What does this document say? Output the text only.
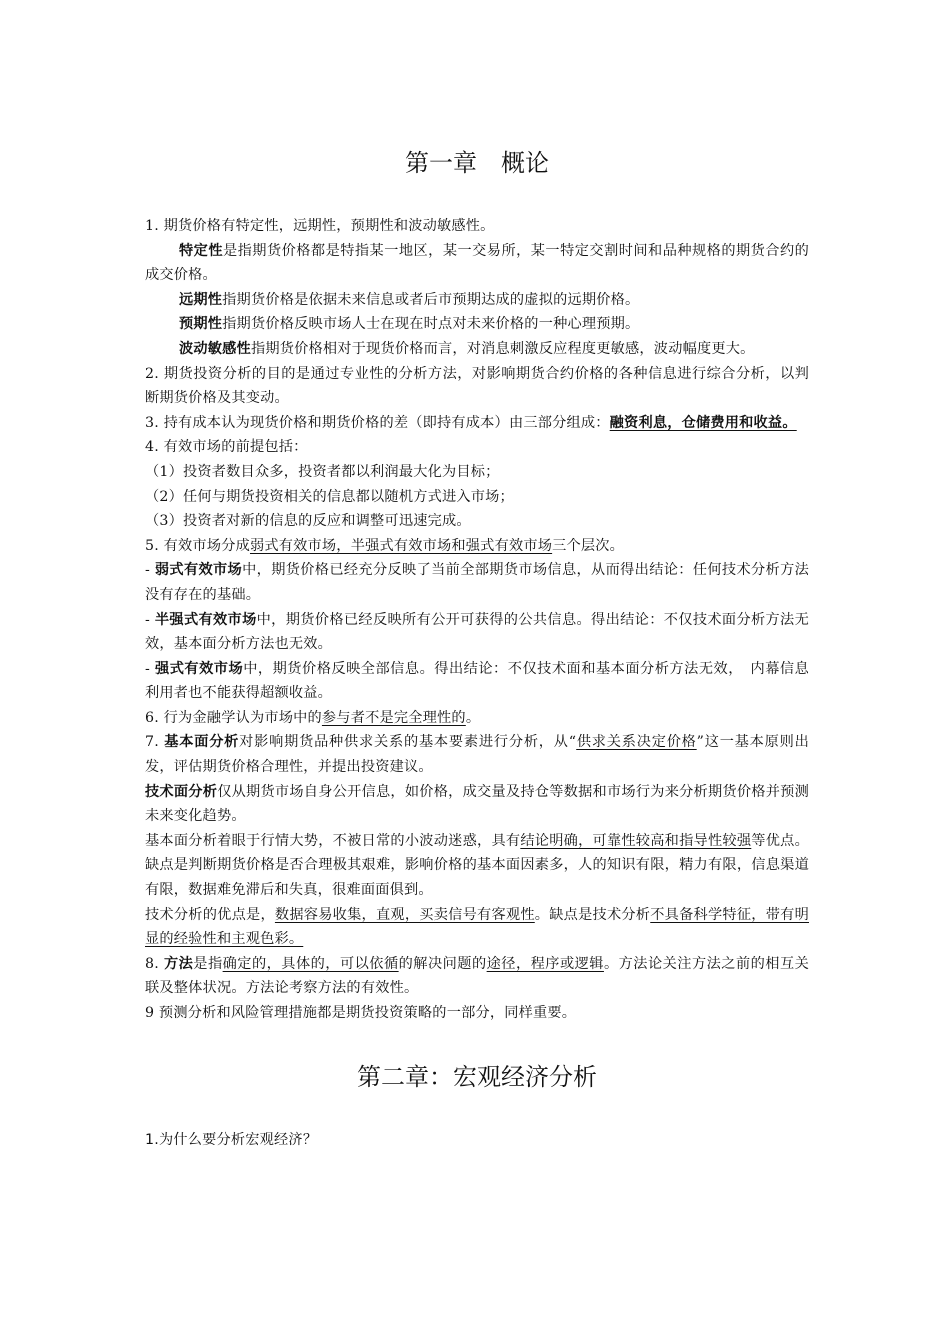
第一章　概论

1. 期货价格有特定性，远期性，预期性和波动敏感性。

特定性是指期货价格都是特指某一地区，某一交易所，某一特定交割时间和品种规格的期货合约的成交价格。

远期性指期货价格是依据未来信息或者后市预期达成的虚拟的远期价格。

预期性指期货价格反映市场人士在现在时点对未来价格的一种心理预期。

波动敏感性指期货价格相对于现货价格而言，对消息刺激反应程度更敏感，波动幅度更大。

2. 期货投资分析的目的是通过专业性的分析方法，对影响期货合约价格的各种信息进行综合分析，以判断期货价格及其变动。

3. 持有成本认为现货价格和期货价格的差（即持有成本）由三部分组成：融资利息，仓储费用和收益。

4. 有效市场的前提包括：

（1）投资者数目众多，投资者都以利润最大化为目标；

（2）任何与期货投资相关的信息都以随机方式进入市场；

（3）投资者对新的信息的反应和调整可迅速完成。

5. 有效市场分成弱式有效市场，半强式有效市场和强式有效市场三个层次。

- 弱式有效市场中，期货价格已经充分反映了当前全部期货市场信息，从而得出结论：任何技术分析方法没有存在的基础。

- 半强式有效市场中，期货价格已经反映所有公开可获得的公共信息。得出结论：不仅技术面分析方法无效，基本面分析方法也无效。

- 强式有效市场中，期货价格反映全部信息。得出结论：不仅技术面和基本面分析方法无效，　内幕信息利用者也不能获得超额收益。

6. 行为金融学认为市场中的参与者不是完全理性的。

7. 基本面分析对影响期货品种供求关系的基本要素进行分析，从“供求关系决定价格”这一基本原则出发，评估期货价格合理性，并提出投资建议。

技术面分析仅从期货市场自身公开信息，如价格，成交量及持仓等数据和市场行为来分析期货价格并预测未来变化趋势。

基本面分析着眼于行情大势，不被日常的小波动迷惑，具有结论明确，可靠性较高和指导性较强等优点。缺点是判断期货价格是否合理极其艰难，影响价格的基本面因素多，人的知识有限，精力有限，信息渠道有限，数据难免滞后和失真，很难面面俱到。

技术分析的优点是，数据容易收集，直观，买卖信号有客观性。缺点是技术分析不具备科学特征，带有明显的经验性和主观色彩。

8. 方法是指确定的，具体的，可以依循的解决问题的途径，程序或逻辑。方法论关注方法之前的相互关联及整体状况。方法论考察方法的有效性。

9 预测分析和风险管理措施都是期货投资策略的一部分，同样重要。

第二章：宏观经济分析

1.为什么要分析宏观经济？
